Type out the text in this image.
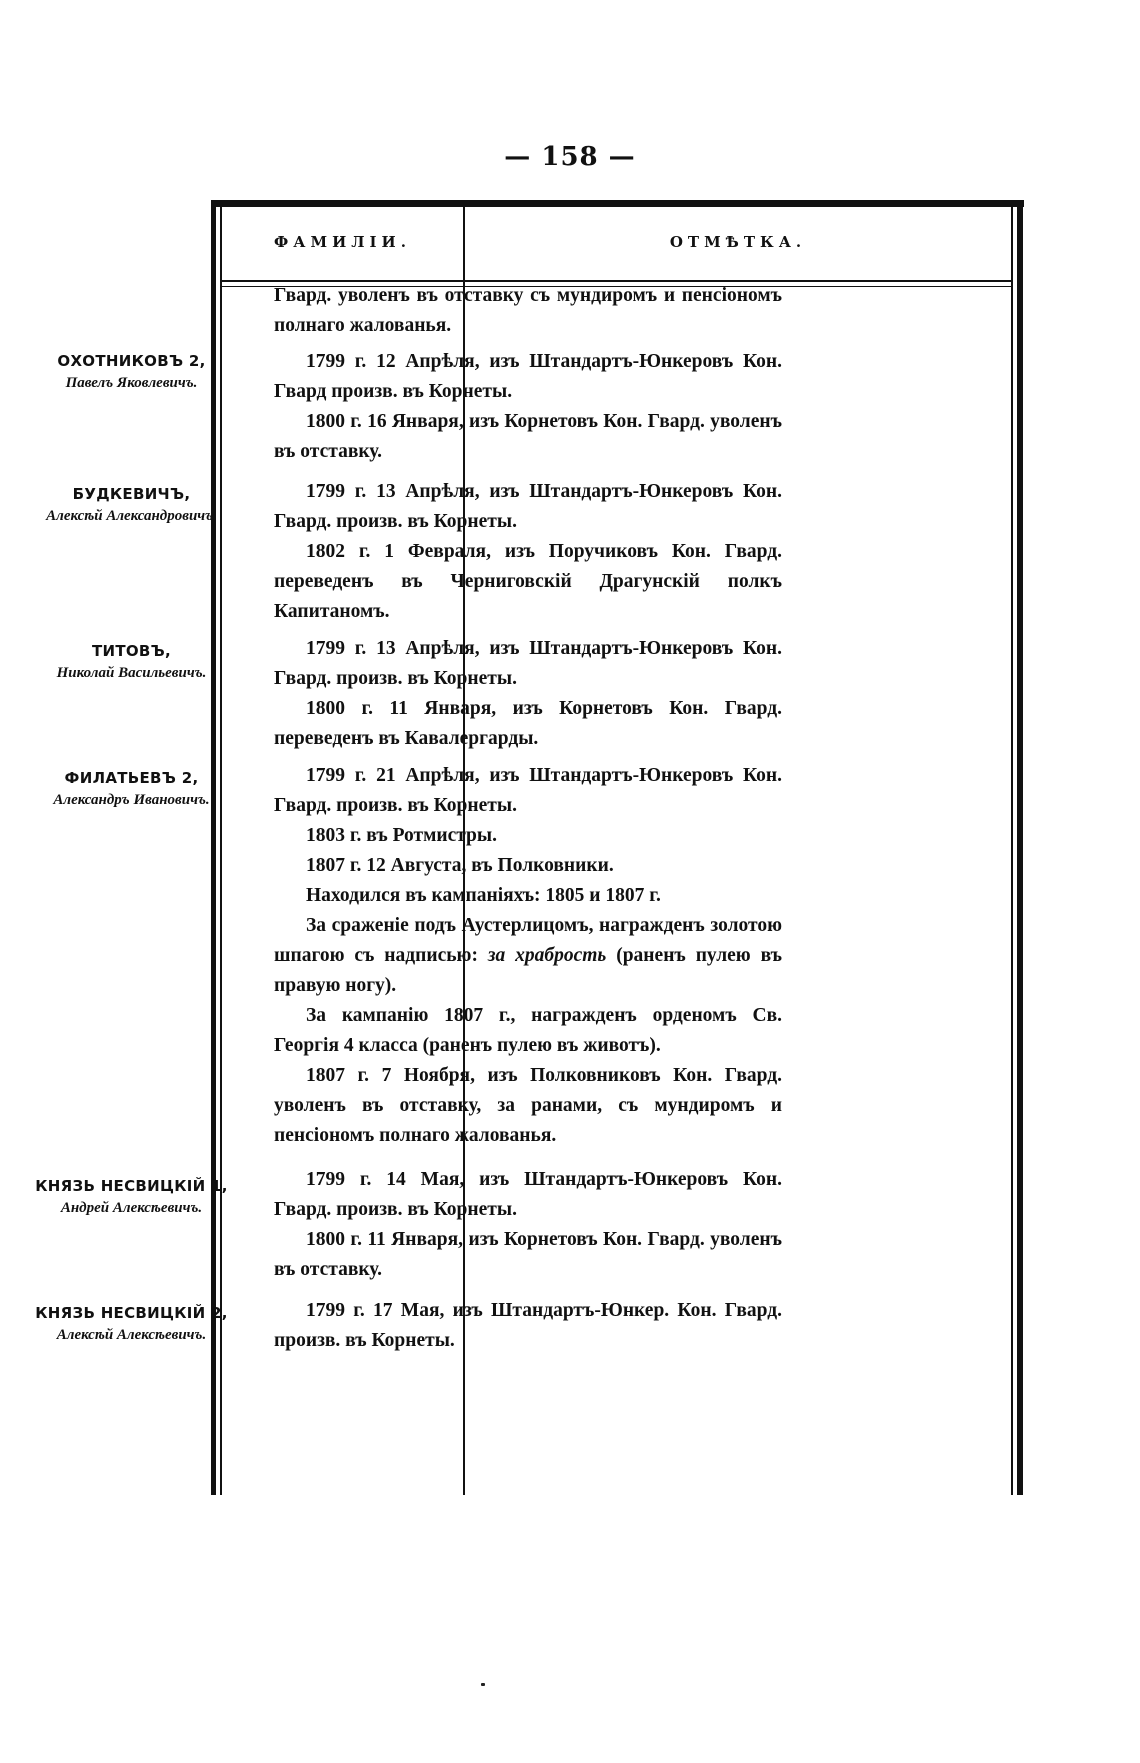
— 158 —
ФАМИЛІИ.	ОТМѢТКА.

Гвард. уволенъ въ отставку съ мундиромъ и пенсіономъ полнаго жалованья.

ОХОТНИКОВЪ 2,
Павелъ Яковлевичъ.

1799 г. 12 Апрѣля, изъ Штандартъ-Юнкеровъ Кон. Гвард произв. въ Корнеты.

1800 г. 16 Января, изъ Корнетовъ Кон. Гвард. уволенъ въ отставку.

БУДКЕВИЧЪ,
Алексѣй Александровичъ.

1799 г. 13 Апрѣля, изъ Штандартъ-Юнкеровъ Кон. Гвард. произв. въ Корнеты.

1802 г. 1 Февраля, изъ Поручиковъ Кон. Гвард. переведенъ въ Черниговскій Драгунскій полкъ Капитаномъ.

ТИТОВЪ,
Николай Васильевичъ.

1799 г. 13 Апрѣля, изъ Штандартъ-Юнкеровъ Кон. Гвард. произв. въ Корнеты.

1800 г. 11 Января, изъ Корнетовъ Кон. Гвард. переведенъ въ Кавалергарды.

ФИЛАТЬЕВЪ 2,
Александръ Ивановичъ.

1799 г. 21 Апрѣля, изъ Штандартъ-Юнкеровъ Кон. Гвард. произв. въ Корнеты.

1803 г. въ Ротмистры.

1807 г. 12 Августа, въ Полковники.

Находился въ кампаніяхъ: 1805 и 1807 г.

За сраженіе подъ Аустерлицомъ, награжденъ золотою шпагою съ надписью: за храбрость (раненъ пулею въ правую ногу).

За кампанію 1807 г., награжденъ орденомъ Св. Георгія 4 класса (раненъ пулею въ животъ).

1807 г. 7 Ноября, изъ Полковниковъ Кон. Гвард. уволенъ въ отставку, за ранами, съ мундиромъ и пенсіономъ полнаго жалованья.

КНЯЗЬ НЕСВИЦКІЙ 1,
Андрей Алексѣевичъ.

1799 г. 14 Мая, изъ Штандартъ-Юнкеровъ Кон. Гвард. произв. въ Корнеты.

1800 г. 11 Января, изъ Корнетовъ Кон. Гвард. уволенъ въ отставку.

КНЯЗЬ НЕСВИЦКІЙ 2,
Алексѣй Алексѣевичъ.

1799 г. 17 Мая, изъ Штандартъ-Юнкер. Кон. Гвард. произв. въ Корнеты.
